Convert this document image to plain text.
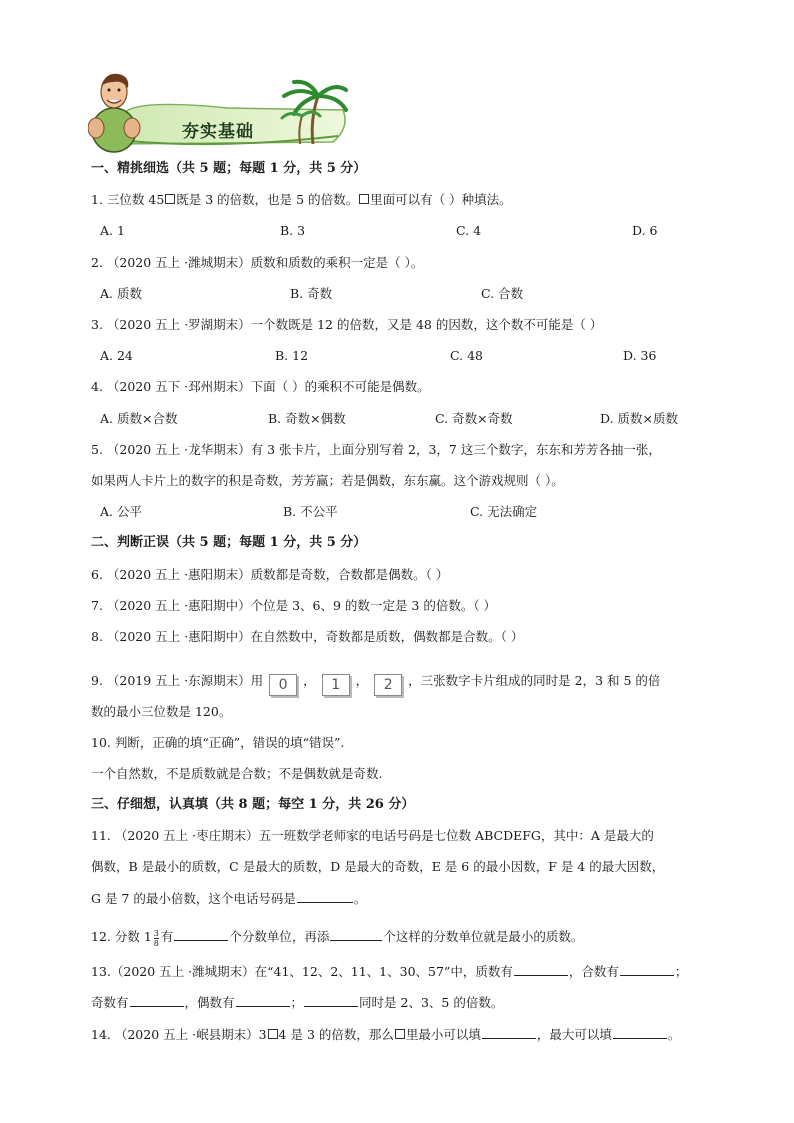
夯实基础
一、精挑细选（共 5 题；每题 1 分，共 5 分）
1. 三位数 45 既是 3 的倍数，也是 5 的倍数。 里面可以有（ ）种填法。
A. 1	B. 3	C. 4	D. 6
2. （2020 五上 ·潍城期末）质数和质数的乘积一定是（ ）。
A. 质数	B. 奇数	C. 合数
3. （2020 五上 ·罗湖期末）一个数既是 12 的倍数，又是 48 的因数，这个数不可能是（ ）
A. 24	B. 12	C. 48	D. 36
4. （2020 五下 ·邳州期末）下面（ ）的乘积不可能是偶数。
A. 质数×合数	B. 奇数×偶数	C. 奇数×奇数	D. 质数×质数
5. （2020 五上 ·龙华期末）有 3 张卡片，上面分别写着 2，3，7 这三个数字，东东和芳芳各抽一张，
如果两人卡片上的数字的积是奇数，芳芳赢；若是偶数，东东赢。这个游戏规则（ ）。
A. 公平	B. 不公平	C. 无法确定
二、判断正误（共 5 题；每题 1 分，共 5 分）
6. （2020 五上 ·惠阳期末）质数都是奇数，合数都是偶数。（ ）
7. （2020 五上 ·惠阳期中）个位是 3、6、9 的数一定是 3 的倍数。（ ）
8. （2020 五上 ·惠阳期中）在自然数中，奇数都是质数，偶数都是合数。（ ）
9. （2019 五上 ·东源期末）用 0 ， 1 ， 2 ，三张数字卡片组成的同时是 2，3 和 5 的倍
数的最小三位数是 120。
10. 判断，正确的填“正确”，错误的填“错误”.
一个自然数，不是质数就是合数；不是偶数就是奇数.
三、仔细想，认真填（共 8 题；每空 1 分，共 26 分）
11. （2020 五上 ·枣庄期末）五一班数学老师家的电话号码是七位数 ABCDEFG，其中：A 是最大的
偶数，B 是最小的质数，C 是最大的质数，D 是最大的奇数，E 是 6 的最小因数，F 是 4 的最大因数，
G 是 7 的最小倍数，这个电话号码是	。
12. 分数 $1 \frac{3}{8}$ 有	个分数单位，再添	个这样的分数单位就是最小的质数。
13.（2020 五上 ·潍城期末）在“41、12、2、11、1、30、57”中，质数有	，合数有	；
奇数有	，偶数有	；	同时是 2、3、5 的倍数。
14. （2020 五上 ·岷县期末）3 4 是 3 的倍数，那么 里最小可以填	，最大可以填	。
